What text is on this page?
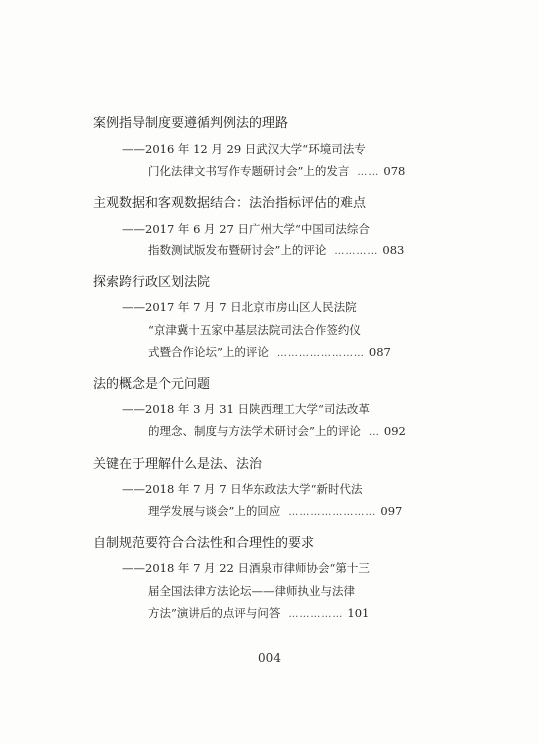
案例指导制度要遵循判例法的理路
——2016 年 12 月 29 日武汉大学“环境司法专
门化法律文书写作专题研讨会”上的发言 …… 078
主观数据和客观数据结合：法治指标评估的难点
——2017 年 6 月 27 日广州大学“中国司法综合
指数测试版发布暨研讨会”上的评论 ………… 083
探索跨行政区划法院
——2017 年 7 月 7 日北京市房山区人民法院
“京津冀十五家中基层法院司法合作签约仪
式暨合作论坛”上的评论 …………………… 087
法的概念是个元问题
——2018 年 3 月 31 日陕西理工大学“司法改革
的理念、制度与方法学术研讨会”上的评论 … 092
关键在于理解什么是法、法治
——2018 年 7 月 7 日华东政法大学“新时代法
理学发展与谈会”上的回应 …………………… 097
自制规范要符合合法性和合理性的要求
——2018 年 7 月 22 日酒泉市律师协会“第十三
届全国法律方法论坛——律师执业与法律
方法”演讲后的点评与问答 …………… 101
004
